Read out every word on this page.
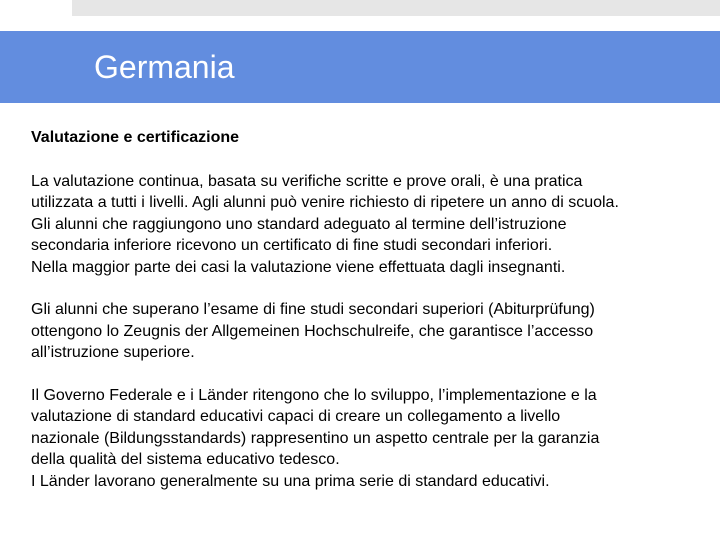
Germania
Valutazione e certificazione
La valutazione continua, basata su verifiche scritte e prove orali, è una pratica
utilizzata a tutti i livelli. Agli alunni può venire richiesto di ripetere un anno di scuola.
Gli alunni che raggiungono uno standard adeguato al termine dell’istruzione
secondaria inferiore ricevono un certificato di fine studi secondari inferiori.
Nella maggior parte dei casi la valutazione viene effettuata dagli insegnanti.
Gli alunni che superano l’esame di fine studi secondari superiori (Abiturprüfung)
ottengono lo Zeugnis der Allgemeinen Hochschulreife, che garantisce l’accesso
all’istruzione superiore.
Il Governo Federale e i Länder ritengono che lo sviluppo, l’implementazione e la
valutazione di standard educativi capaci di creare un collegamento a livello
nazionale (Bildungsstandards) rappresentino un aspetto centrale per la garanzia
della qualità del sistema educativo tedesco.
I Länder lavorano generalmente su una prima serie di standard educativi.
